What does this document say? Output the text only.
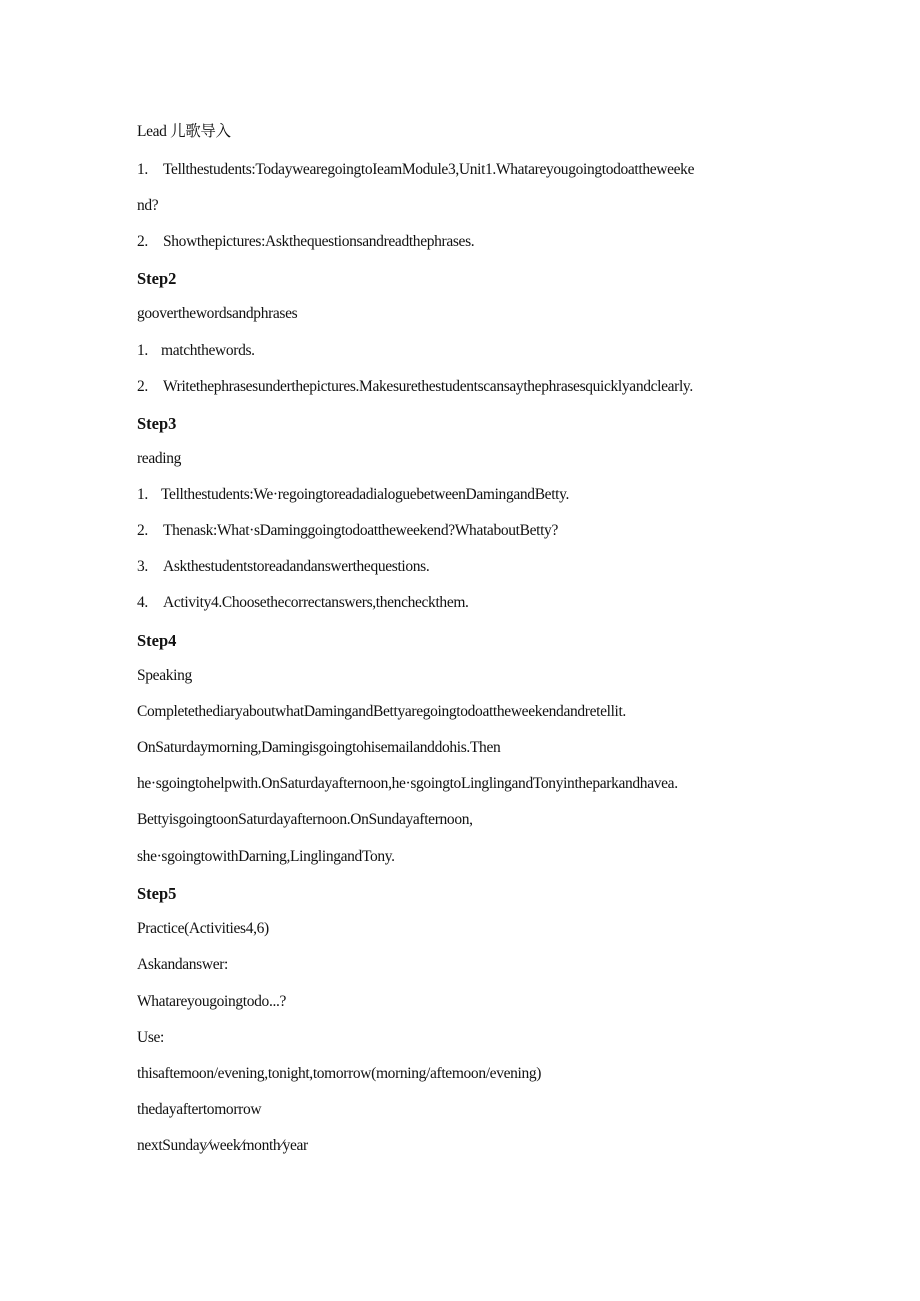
Lead 儿歌导入
1. Tellthestudents:TodaywearegoingtoIeamModule3,Unit1.Whatareyougoingtodoattheweeke
nd?
2. Showthepictures:Askthequestionsandreadthephrases.
Step2
gooverthewordsandphrases
1. matchthewords.
2. Writethephrasesunderthepictures.Makesurethestudentscansaythephrasesquicklyandclearly.
Step3
reading
1. Tellthestudents:We·regoingtoreadadialoguebetweenDamingandBetty.
2. Thenask:What·sDaminggoingtodoattheweekend?WhataboutBetty?
3. Askthestudentstoreadandanswerthequestions.
4. Activity4.Choosethecorrectanswers,thencheckthem.
Step4
Speaking
CompletethediaryaboutwhatDamingandBettyaregoingtodoattheweekendandretellit.
OnSaturdaymorning,Damingisgoingtohisemailanddohis.Then
he·sgoingtohelpwith.OnSaturdayafternoon,he·sgoingtoLinglingandTonyintheparkandhavea.
BettyisgoingtoonSaturdayafternoon.OnSundayafternoon,
she·sgoingtowithDarning,LinglingandTony.
Step5
Practice(Activities4,6)
Askandanswer:
Whatareyougoingtodo...?
Use:
thisaftemoon/evening,tonight,tomorrow(morning/aftemoon/evening)
thedayaftertomorrow
nextSunday⁄week⁄month⁄year
